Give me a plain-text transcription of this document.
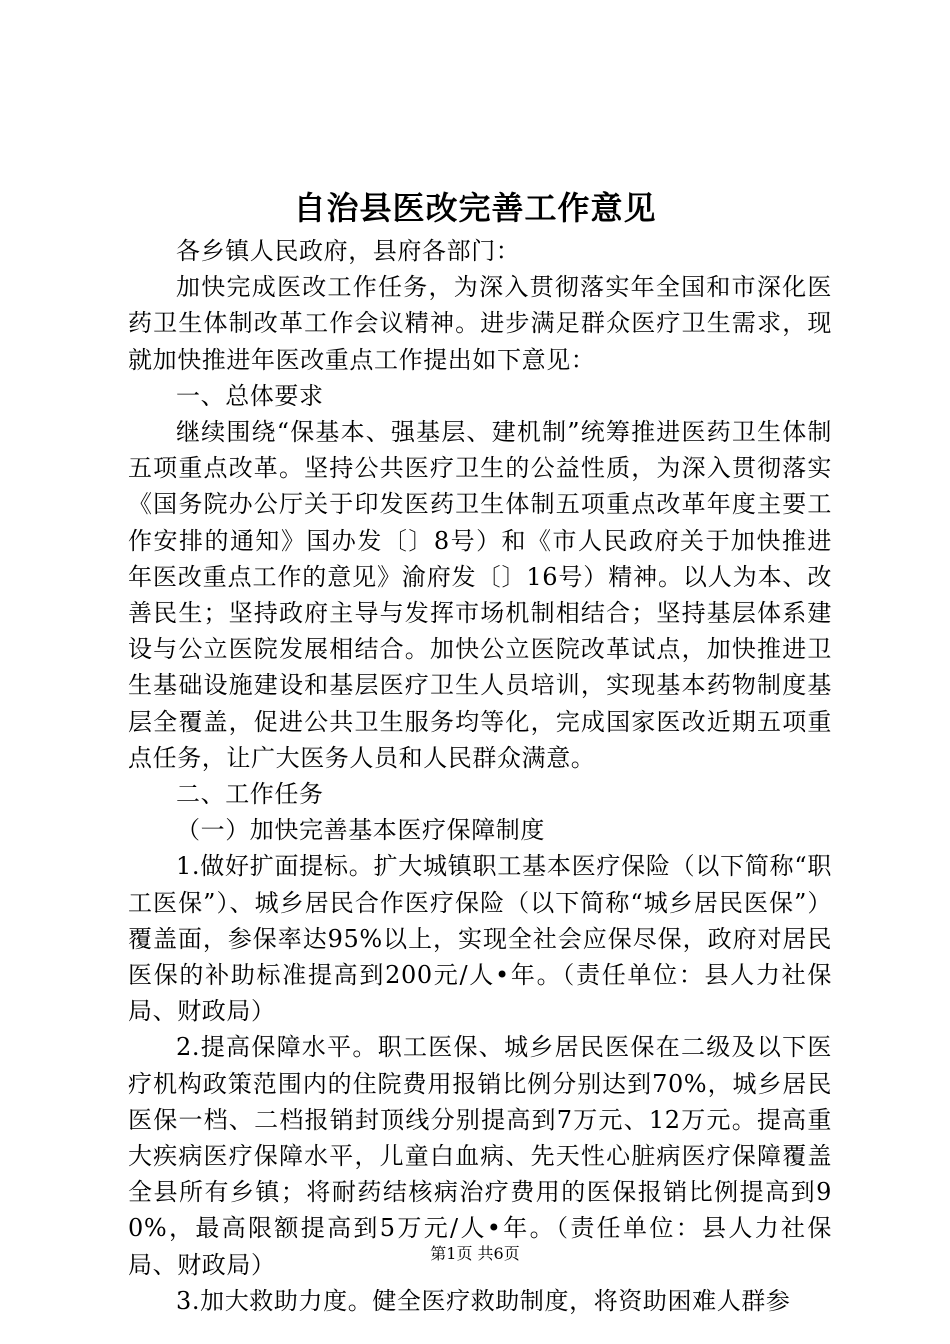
自治县医改完善工作意见

各乡镇人民政府，县府各部门：

加快完成医改工作任务，为深入贯彻落实年全国和市深化医药卫生体制改革工作会议精神。进步满足群众医疗卫生需求，现就加快推进年医改重点工作提出如下意见：

一、总体要求

继续围绕“保基本、强基层、建机制”统筹推进医药卫生体制五项重点改革。坚持公共医疗卫生的公益性质，为深入贯彻落实《国务院办公厅关于印发医药卫生体制五项重点改革年度主要工作安排的通知》国办发〔〕8号）和《市人民政府关于加快推进年医改重点工作的意见》渝府发〔〕16号）精神。以人为本、改善民生；坚持政府主导与发挥市场机制相结合；坚持基层体系建设与公立医院发展相结合。加快公立医院改革试点，加快推进卫生基础设施建设和基层医疗卫生人员培训，实现基本药物制度基层全覆盖，促进公共卫生服务均等化，完成国家医改近期五项重点任务，让广大医务人员和人民群众满意。

二、工作任务

（一）加快完善基本医疗保障制度

1.做好扩面提标。扩大城镇职工基本医疗保险（以下简称“职工医保”）、城乡居民合作医疗保险（以下简称“城乡居民医保”）覆盖面，参保率达95%以上，实现全社会应保尽保，政府对居民医保的补助标准提高到200元/人•年。（责任单位：县人力社保局、财政局）

2.提高保障水平。职工医保、城乡居民医保在二级及以下医疗机构政策范围内的住院费用报销比例分别达到70%，城乡居民医保一档、二档报销封顶线分别提高到7万元、12万元。提高重大疾病医疗保障水平，儿童白血病、先天性心脏病医疗保障覆盖全县所有乡镇；将耐药结核病治疗费用的医保报销比例提高到90%，最高限额提高到5万元/人•年。（责任单位：县人力社保局、财政局）

3.加大救助力度。健全医疗救助制度，将资助困难人群参

第1页 共6页
